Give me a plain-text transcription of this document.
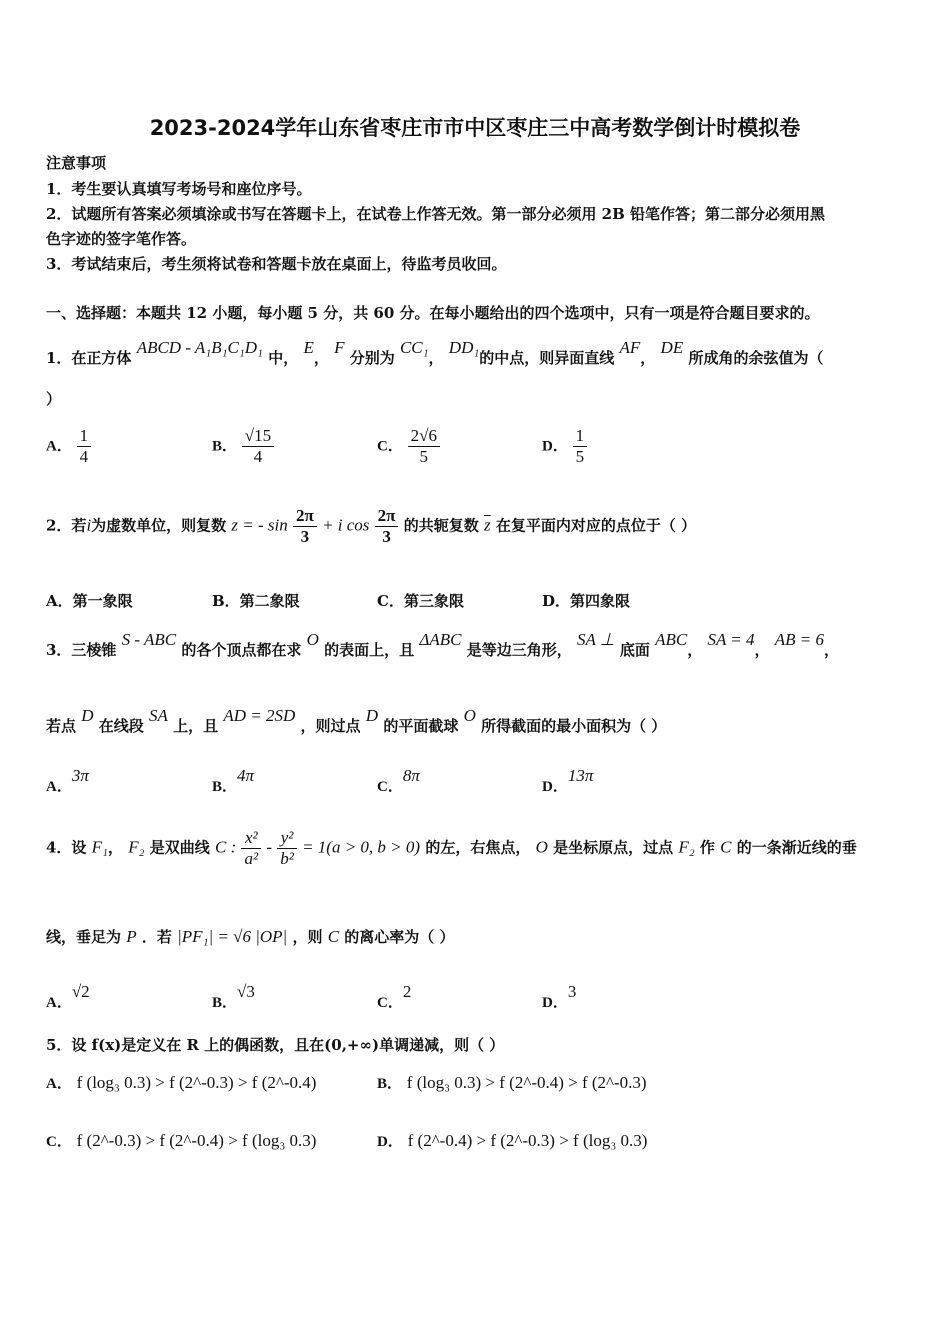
2023-2024学年山东省枣庄市市中区枣庄三中高考数学倒计时模拟卷
注意事项
1．考生要认真填写考场号和座位序号。
2．试题所有答案必须填涂或书写在答题卡上，在试卷上作答无效。第一部分必须用 2B 铅笔作答；第二部分必须用黑
色字迹的签字笔作答。
3．考试结束后，考生须将试卷和答题卡放在桌面上，待监考员收回。
一、选择题：本题共 12 小题，每小题 5 分，共 60 分。在每小题给出的四个选项中，只有一项是符合题目要求的。
1．在正方体 ABCD - A₁B₁C₁D₁ 中， E， F 分别为 CC₁， DD₁的中点，则异面直线 AF， DE 所成角的余弦值为（
）
A． $\frac{1}{4}$	B． $\frac{√15}{4}$	C． $\frac{2√6}{5}$	D． $\frac{1}{5}$
2．若i为虚数单位，则复数 z = - $\sin \frac{2\pi}{3} + i$ $\cos \frac{2\pi}{3}$ 的共轭复数 $\overline{z}$ 在复平面内对应的点位于（ ）
A．第一象限	B．第二象限	C．第三象限	D．第四象限
3．三棱锥 S - ABC 的各个顶点都在求 O 的表面上，且 ΔABC 是等边三角形， SA ⊥ 底面 ABC， SA = 4， AB = 6，
若点 D 在线段 SA 上，且 AD = 2SD ，则过点 D 的平面截球 O 所得截面的最小面积为（ ）
A．3π
B．4π
C．8π
D．13π
4．设 F₁， F₂ 是双曲线 C : $\frac{\text{x²}}{\text{a²}} - \frac{\text{y²}}{\text{b²}} = 1(a > 0$, b > 0) 的左，右焦点， O 是坐标原点，过点 F₂ 作 C 的一条渐近线的垂
线，垂足为 P ．若 |PF₁| = √6 |OP| ，则 C 的离心率为（ ）
A．√2
B．√3
C．2
D．3
5．设 f(x)是定义在 R 上的偶函数，且在(0,+∞)单调递减，则（ ）
A． f (log₃ 0.3) > f (2^-0.3) > f (2^-0.4)	B． f (log₃ 0.3) > f (2^-0.4) > f (2^-0.3)
C． f (2^-0.3) > f (2^-0.4) > f (log₃ 0.3)	D． f (2^-0.4) > f (2^-0.3) > f (log₃ 0.3)
